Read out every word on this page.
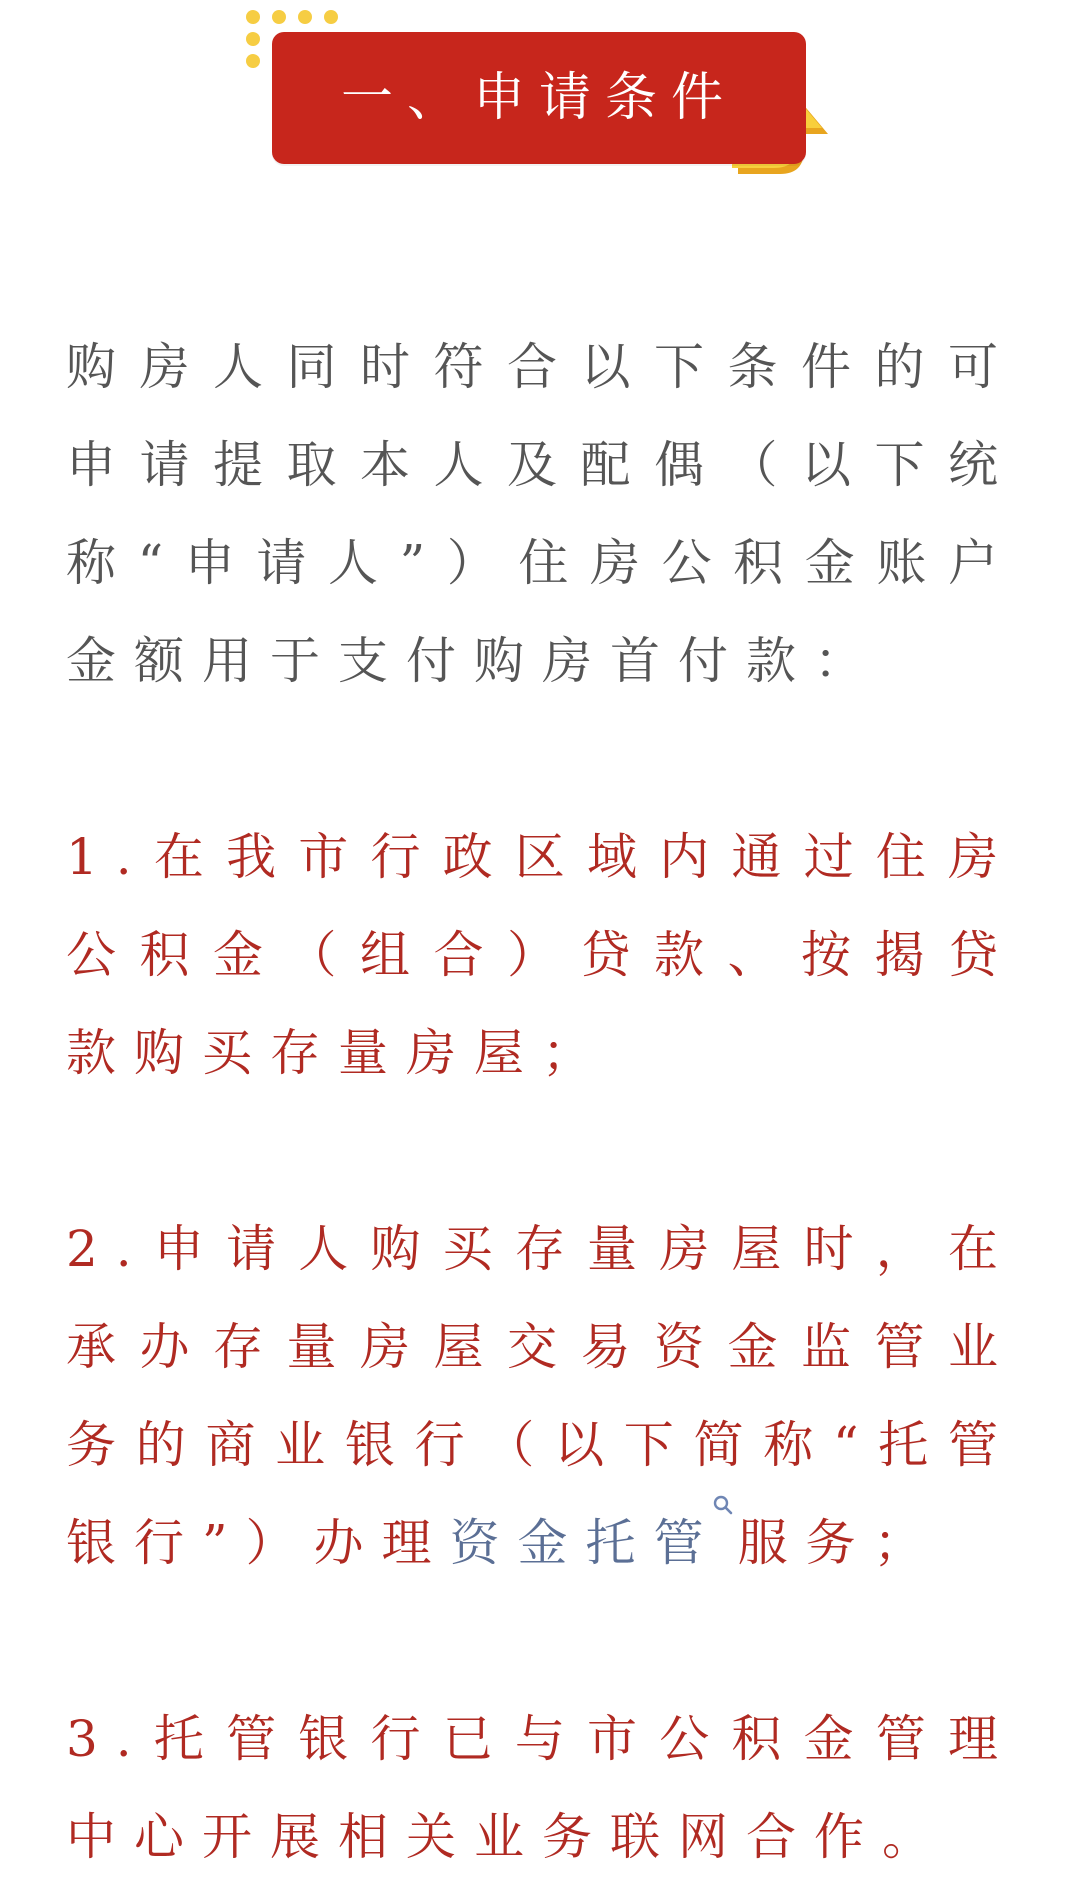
一、申请条件

购房人同时符合以下条件的可申请提取本人及配偶（以下统称“申请人”）住房公积金账户金额用于支付购房首付款：

1.在我市行政区域内通过住房公积金（组合）贷款、按揭贷款购买存量房屋；

2.申请人购买存量房屋时，在承办存量房屋交易资金监管业务的商业银行（以下简称“托管银行”）办理资金托管 服务；

3.托管银行已与市公积金管理中心开展相关业务联网合作。
